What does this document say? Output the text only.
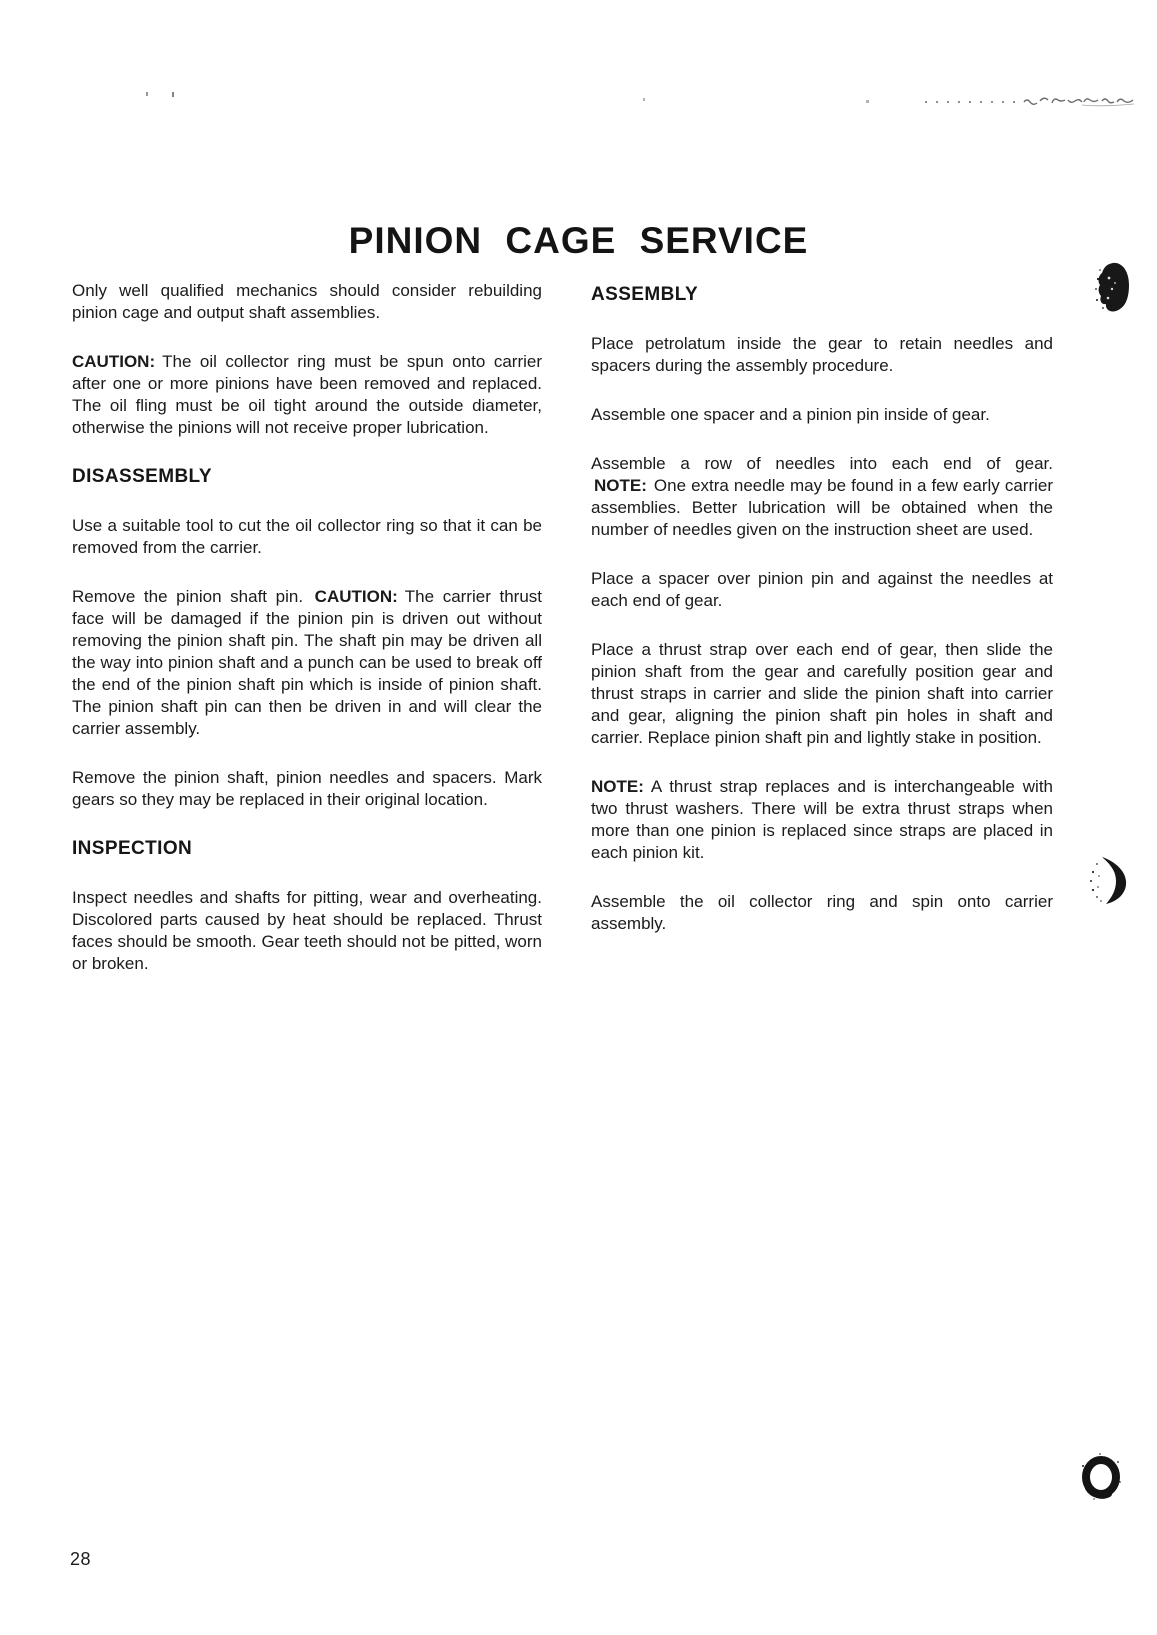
PINION CAGE SERVICE

Only well qualified mechanics should consider rebuilding pinion cage and output shaft assemblies.

CAUTION: The oil collector ring must be spun onto carrier after one or more pinions have been removed and replaced. The oil fling must be oil tight around the outside diameter, otherwise the pinions will not receive proper lubrication.

DISASSEMBLY

Use a suitable tool to cut the oil collector ring so that it can be removed from the carrier.

Remove the pinion shaft pin. CAUTION: The carrier thrust face will be damaged if the pinion pin is driven out without removing the pinion shaft pin. The shaft pin may be driven all the way into pinion shaft and a punch can be used to break off the end of the pinion shaft pin which is inside of pinion shaft. The pinion shaft pin can then be driven in and will clear the carrier assembly.

Remove the pinion shaft, pinion needles and spacers. Mark gears so they may be replaced in their original location.

INSPECTION

Inspect needles and shafts for pitting, wear and overheating. Discolored parts caused by heat should be replaced. Thrust faces should be smooth. Gear teeth should not be pitted, worn or broken.

ASSEMBLY

Place petrolatum inside the gear to retain needles and spacers during the assembly procedure.

Assemble one spacer and a pinion pin inside of gear.

Assemble a row of needles into each end of gear. NOTE: One extra needle may be found in a few early carrier assemblies. Better lubrication will be obtained when the number of needles given on the instruction sheet are used.

Place a spacer over pinion pin and against the needles at each end of gear.

Place a thrust strap over each end of gear, then slide the pinion shaft from the gear and carefully position gear and thrust straps in carrier and slide the pinion shaft into carrier and gear, aligning the pinion shaft pin holes in shaft and carrier. Replace pinion shaft pin and lightly stake in position.

NOTE: A thrust strap replaces and is interchangeable with two thrust washers. There will be extra thrust straps when more than one pinion is replaced since straps are placed in each pinion kit.

Assemble the oil collector ring and spin onto carrier assembly.

28
